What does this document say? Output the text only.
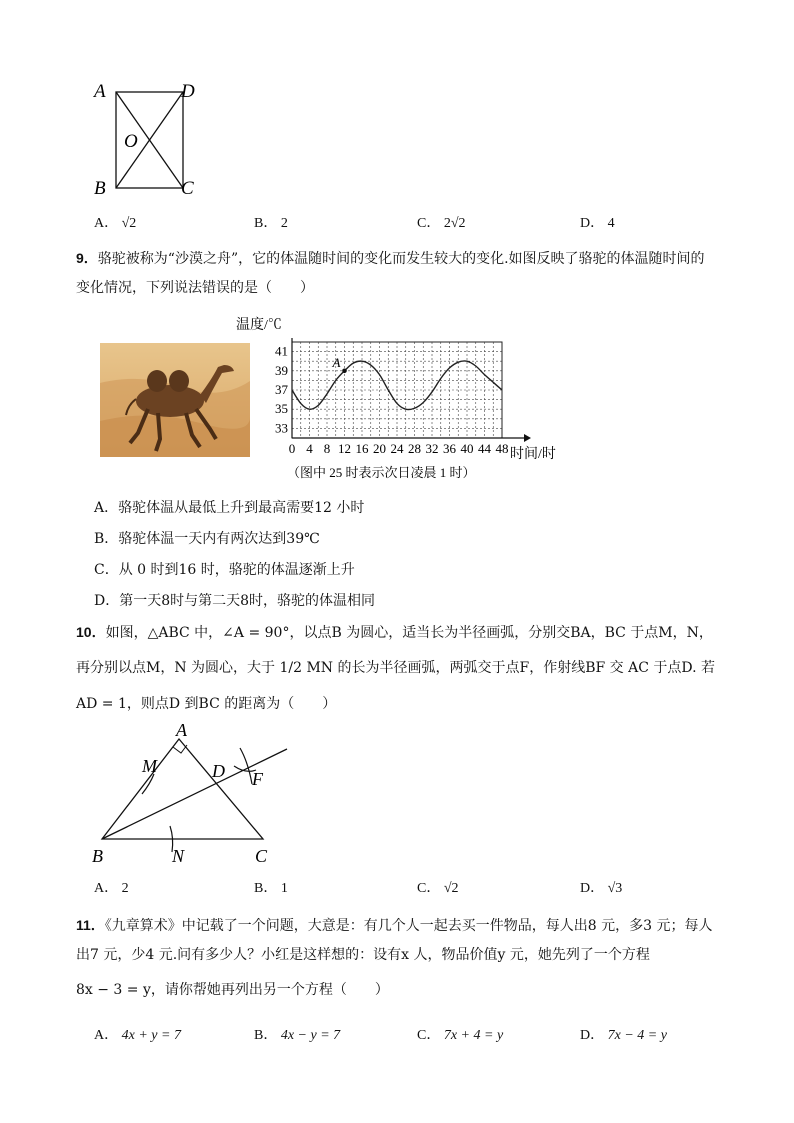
A	D
O
B	C
A． √2	B． 2	C． 2√2	D． 4
9．骆驼被称为“沙漠之舟”，它的体温随时间的变化而发生较大的变化.如图反映了骆驼的体温随时间的
变化情况，下列说法错误的是（　　）
温度/℃
0 4 8 12 16 20 24 28 32 36 40 44 48
33
35
37
39
41
A
时间/时
（图中 25 时表示次日凌晨 1 时）
A．骆驼体温从最低上升到最高需要12 小时
B．骆驼体温一天内有两次达到39℃
C．从 0 时到16 时，骆驼的体温逐渐上升
D．第一天8时与第二天8时，骆驼的体温相同
10．如图，△ABC 中，∠A = 90°，以点B 为圆心，适当长为半径画弧，分别交BA，BC 于点M，N，
再分别以点M，N 为圆心，大于 1/2 MN 的长为半径画弧，两弧交于点F，作射线BF 交 AC 于点D. 若
AD = 1，则点D 到BC 的距离为（　　）
A
M	D F
B	N	C
A． 2	B． 1	C． √2	D． √3
11．《九章算术》中记载了一个问题，大意是：有几个人一起去买一件物品，每人出8 元，多3 元；每人
出7 元，少4 元.问有多少人？小红是这样想的：设有x 人，物品价值y 元，她先列了一个方程
8x − 3 = y，请你帮她再列出另一个方程（　　）
A． 4x + y = 7	B． 4x − y = 7	C． 7x + 4 = y	D． 7x − 4 = y
